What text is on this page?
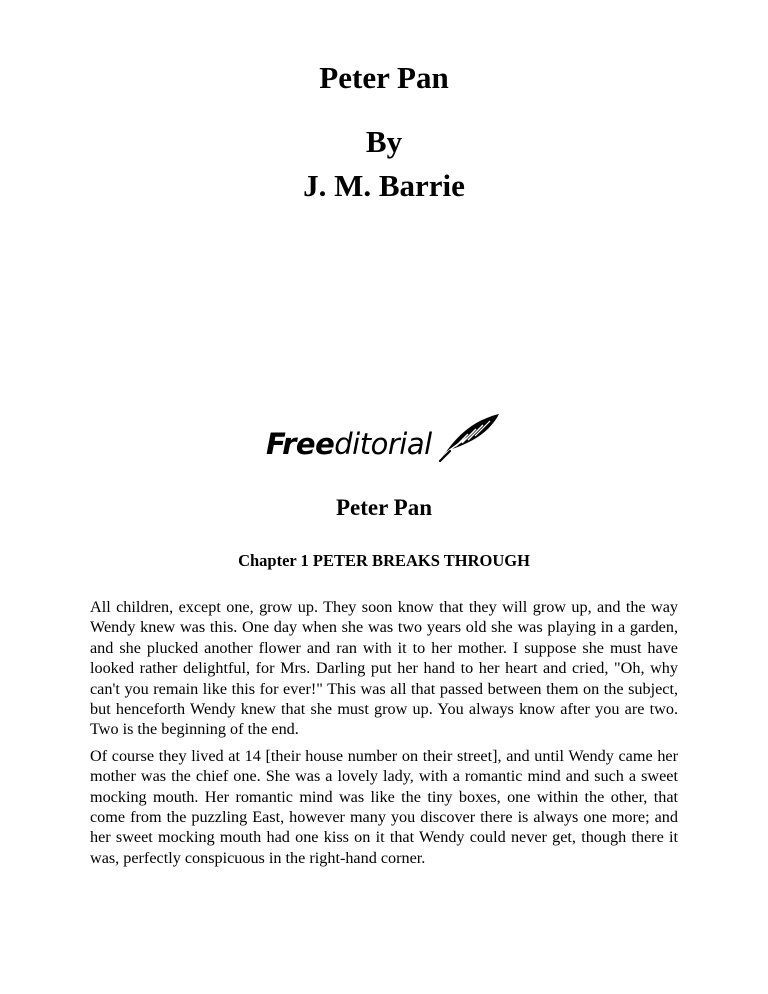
Peter Pan
By
J. M. Barrie
Freeditorial
Peter Pan
Chapter 1 PETER BREAKS THROUGH

All children, except one, grow up. They soon know that they will grow up, and the way Wendy knew was this. One day when she was two years old she was playing in a garden, and she plucked another flower and ran with it to her mother. I suppose she must have looked rather delightful, for Mrs. Darling put her hand to her heart and cried, "Oh, why can't you remain like this for ever!" This was all that passed between them on the subject, but henceforth Wendy knew that she must grow up. You always know after you are two. Two is the beginning of the end.

Of course they lived at 14 [their house number on their street], and until Wendy came her mother was the chief one. She was a lovely lady, with a romantic mind and such a sweet mocking mouth. Her romantic mind was like the tiny boxes, one within the other, that come from the puzzling East, however many you discover there is always one more; and her sweet mocking mouth had one kiss on it that Wendy could never get, though there it was, perfectly conspicuous in the right-hand corner.
